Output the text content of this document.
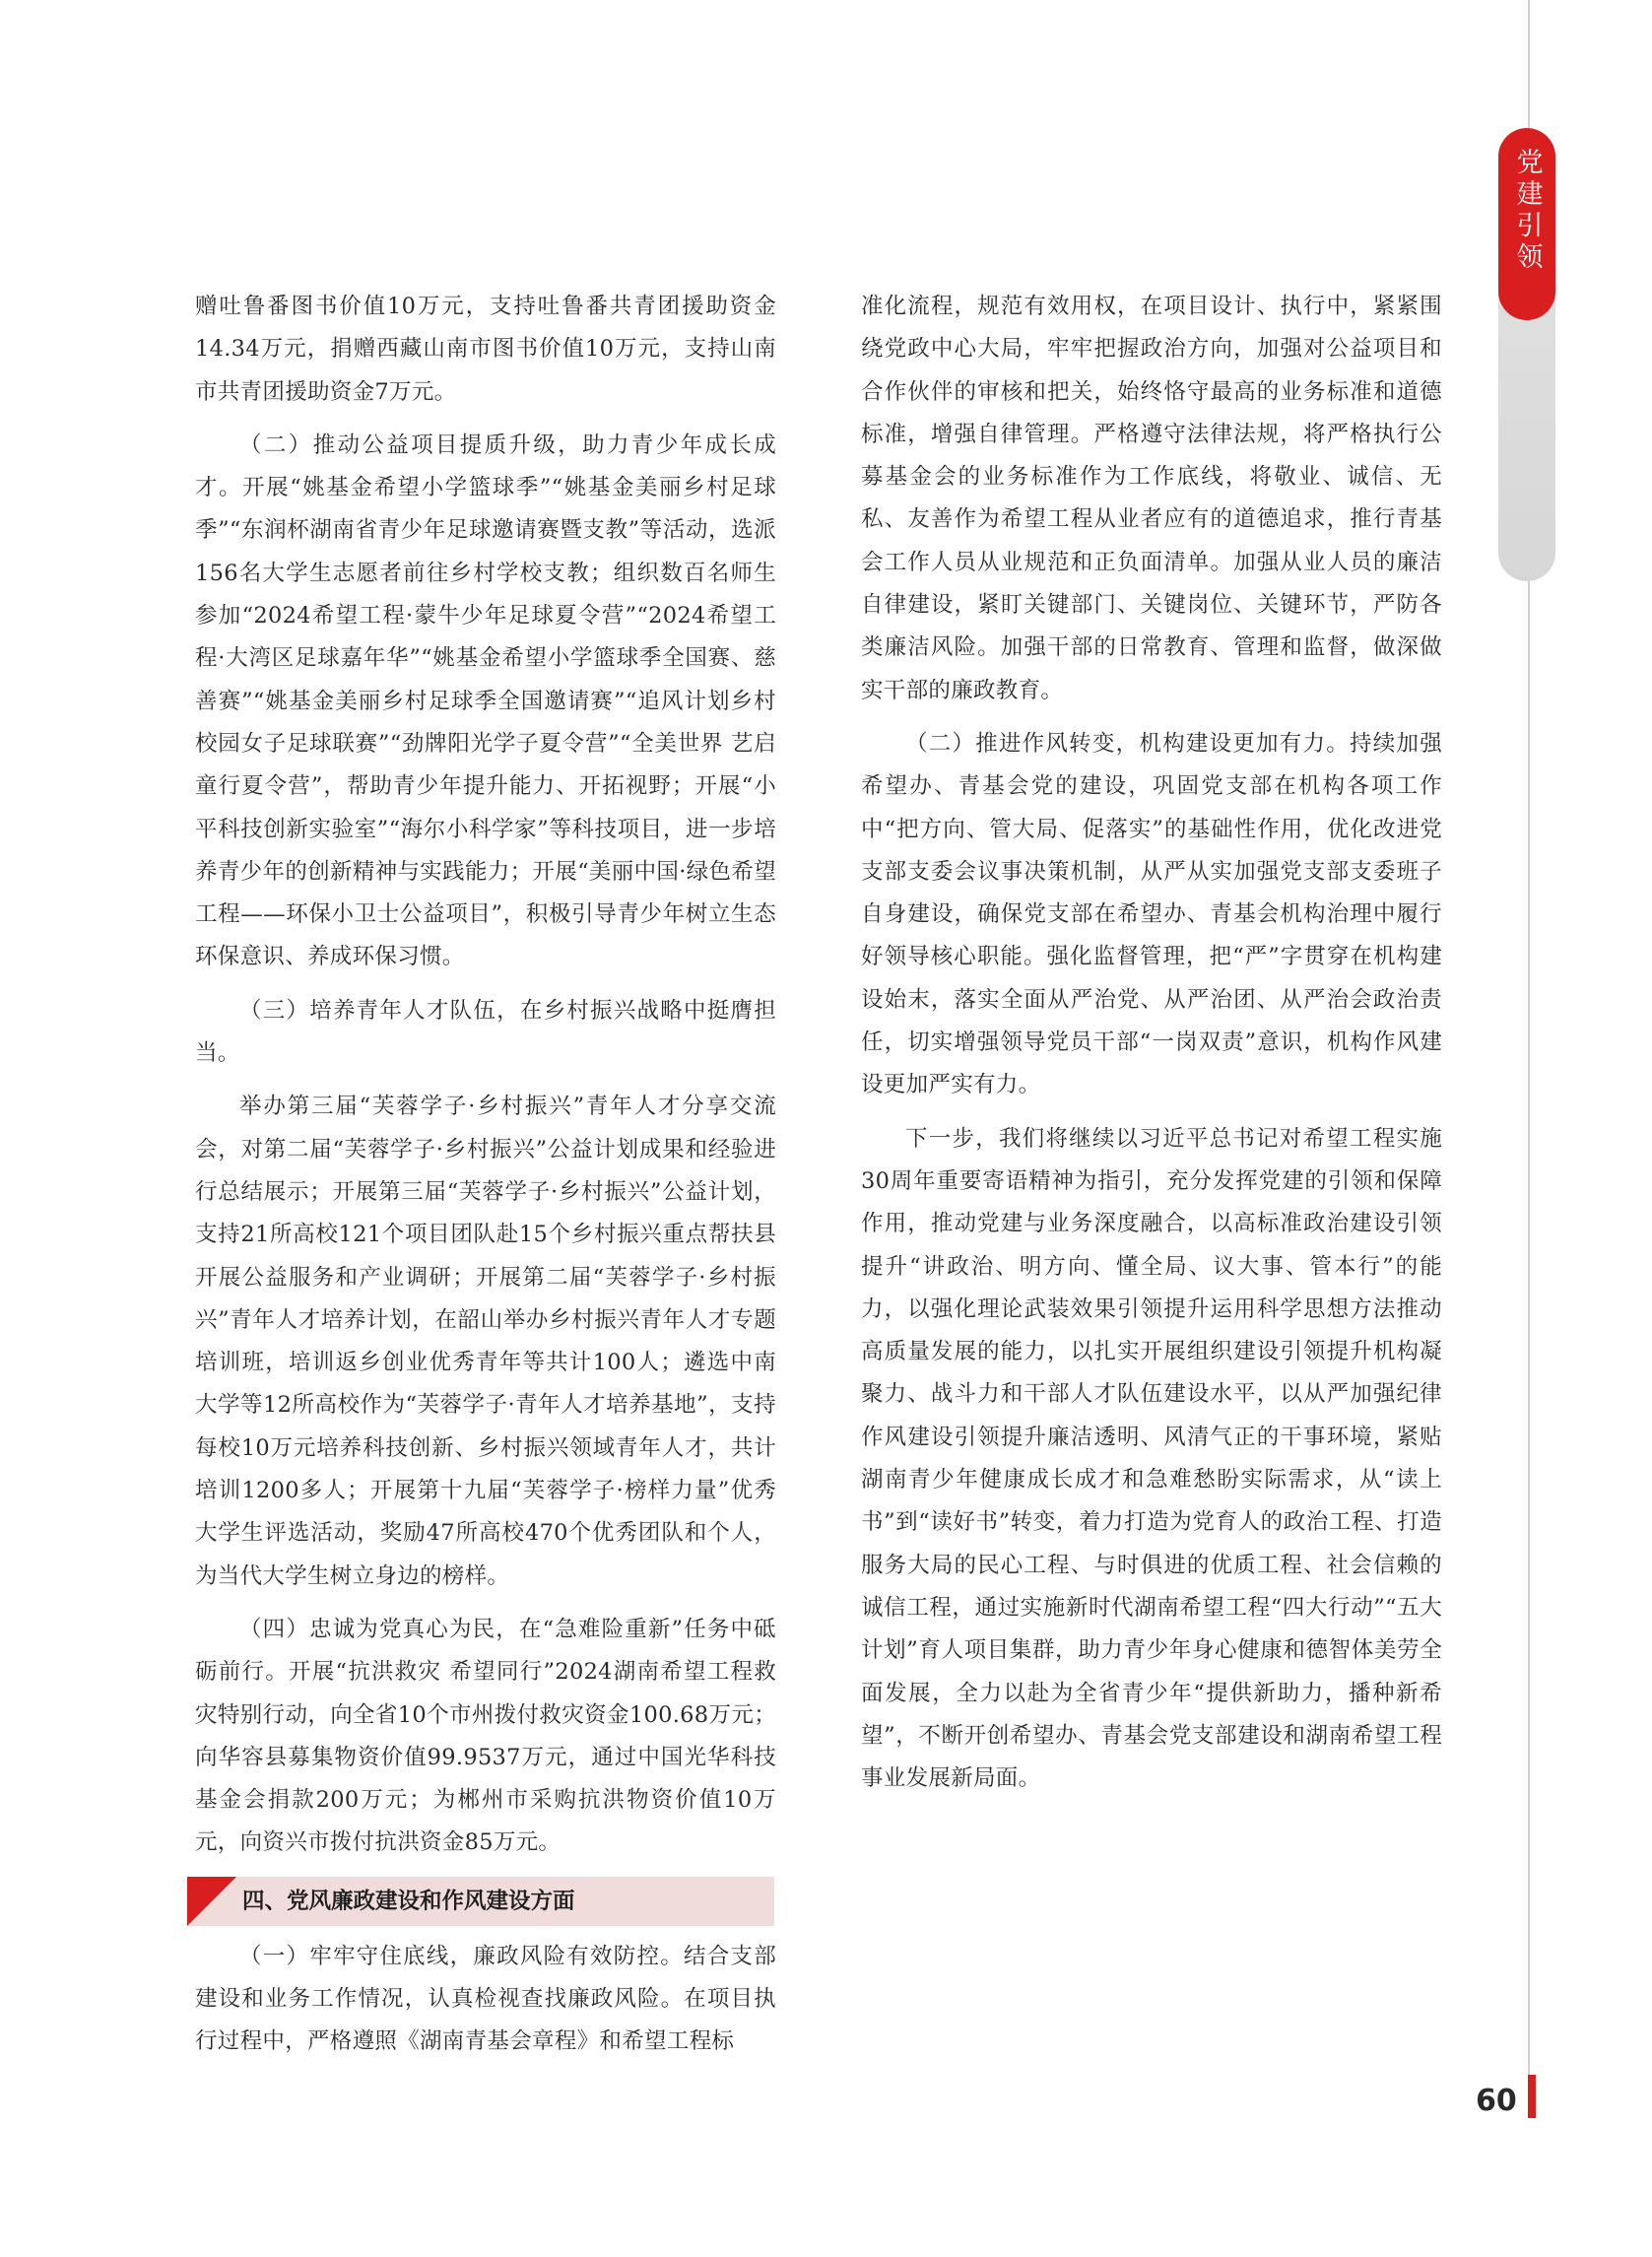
党建引领

赠吐鲁番图书价值10万元，支持吐鲁番共青团援助资金14.34万元，捐赠西藏山南市图书价值10万元，支持山南市共青团援助资金7万元。

（二）推动公益项目提质升级，助力青少年成长成才。开展“姚基金希望小学篮球季”“姚基金美丽乡村足球季”“东润杯湖南省青少年足球邀请赛暨支教”等活动，选派156名大学生志愿者前往乡村学校支教；组织数百名师生参加“2024希望工程·蒙牛少年足球夏令营”“2024希望工程·大湾区足球嘉年华”“姚基金希望小学篮球季全国赛、慈善赛”“姚基金美丽乡村足球季全国邀请赛”“追风计划乡村校园女子足球联赛”“劲牌阳光学子夏令营”“全美世界 艺启童行夏令营”，帮助青少年提升能力、开拓视野；开展“小平科技创新实验室”“海尔小科学家”等科技项目，进一步培养青少年的创新精神与实践能力；开展“美丽中国·绿色希望工程——环保小卫士公益项目”，积极引导青少年树立生态环保意识、养成环保习惯。

（三）培养青年人才队伍，在乡村振兴战略中挺膺担当。

举办第三届“芙蓉学子·乡村振兴”青年人才分享交流会，对第二届“芙蓉学子·乡村振兴”公益计划成果和经验进行总结展示；开展第三届“芙蓉学子·乡村振兴”公益计划，支持21所高校121个项目团队赴15个乡村振兴重点帮扶县开展公益服务和产业调研；开展第二届“芙蓉学子·乡村振兴”青年人才培养计划，在韶山举办乡村振兴青年人才专题培训班，培训返乡创业优秀青年等共计100人；遴选中南大学等12所高校作为“芙蓉学子·青年人才培养基地”，支持每校10万元培养科技创新、乡村振兴领域青年人才，共计培训1200多人；开展第十九届“芙蓉学子·榜样力量”优秀大学生评选活动，奖励47所高校470个优秀团队和个人，为当代大学生树立身边的榜样。

（四）忠诚为党真心为民，在“急难险重新”任务中砥砺前行。开展“抗洪救灾 希望同行”2024湖南希望工程救灾特别行动，向全省10个市州拨付救灾资金100.68万元；向华容县募集物资价值99.9537万元，通过中国光华科技基金会捐款200万元；为郴州市采购抗洪物资价值10万元，向资兴市拨付抗洪资金85万元。

四、党风廉政建设和作风建设方面

（一）牢牢守住底线，廉政风险有效防控。结合支部建设和业务工作情况，认真检视查找廉政风险。在项目执行过程中，严格遵照《湖南青基会章程》和希望工程标

准化流程，规范有效用权，在项目设计、执行中，紧紧围绕党政中心大局，牢牢把握政治方向，加强对公益项目和合作伙伴的审核和把关，始终恪守最高的业务标准和道德标准，增强自律管理。严格遵守法律法规，将严格执行公募基金会的业务标准作为工作底线，将敬业、诚信、无私、友善作为希望工程从业者应有的道德追求，推行青基会工作人员从业规范和正负面清单。加强从业人员的廉洁自律建设，紧盯关键部门、关键岗位、关键环节，严防各类廉洁风险。加强干部的日常教育、管理和监督，做深做实干部的廉政教育。

（二）推进作风转变，机构建设更加有力。持续加强希望办、青基会党的建设，巩固党支部在机构各项工作中“把方向、管大局、促落实”的基础性作用，优化改进党支部支委会议事决策机制，从严从实加强党支部支委班子自身建设，确保党支部在希望办、青基会机构治理中履行好领导核心职能。强化监督管理，把“严”字贯穿在机构建设始末，落实全面从严治党、从严治团、从严治会政治责任，切实增强领导党员干部“一岗双责”意识，机构作风建设更加严实有力。

下一步，我们将继续以习近平总书记对希望工程实施30周年重要寄语精神为指引，充分发挥党建的引领和保障作用，推动党建与业务深度融合，以高标准政治建设引领提升“讲政治、明方向、懂全局、议大事、管本行”的能力，以强化理论武装效果引领提升运用科学思想方法推动高质量发展的能力，以扎实开展组织建设引领提升机构凝聚力、战斗力和干部人才队伍建设水平，以从严加强纪律作风建设引领提升廉洁透明、风清气正的干事环境，紧贴湖南青少年健康成长成才和急难愁盼实际需求，从“读上书”到“读好书”转变，着力打造为党育人的政治工程、打造服务大局的民心工程、与时俱进的优质工程、社会信赖的诚信工程，通过实施新时代湖南希望工程“四大行动”“五大计划”育人项目集群，助力青少年身心健康和德智体美劳全面发展，全力以赴为全省青少年“提供新助力，播种新希望”，不断开创希望办、青基会党支部建设和湖南希望工程事业发展新局面。

09
